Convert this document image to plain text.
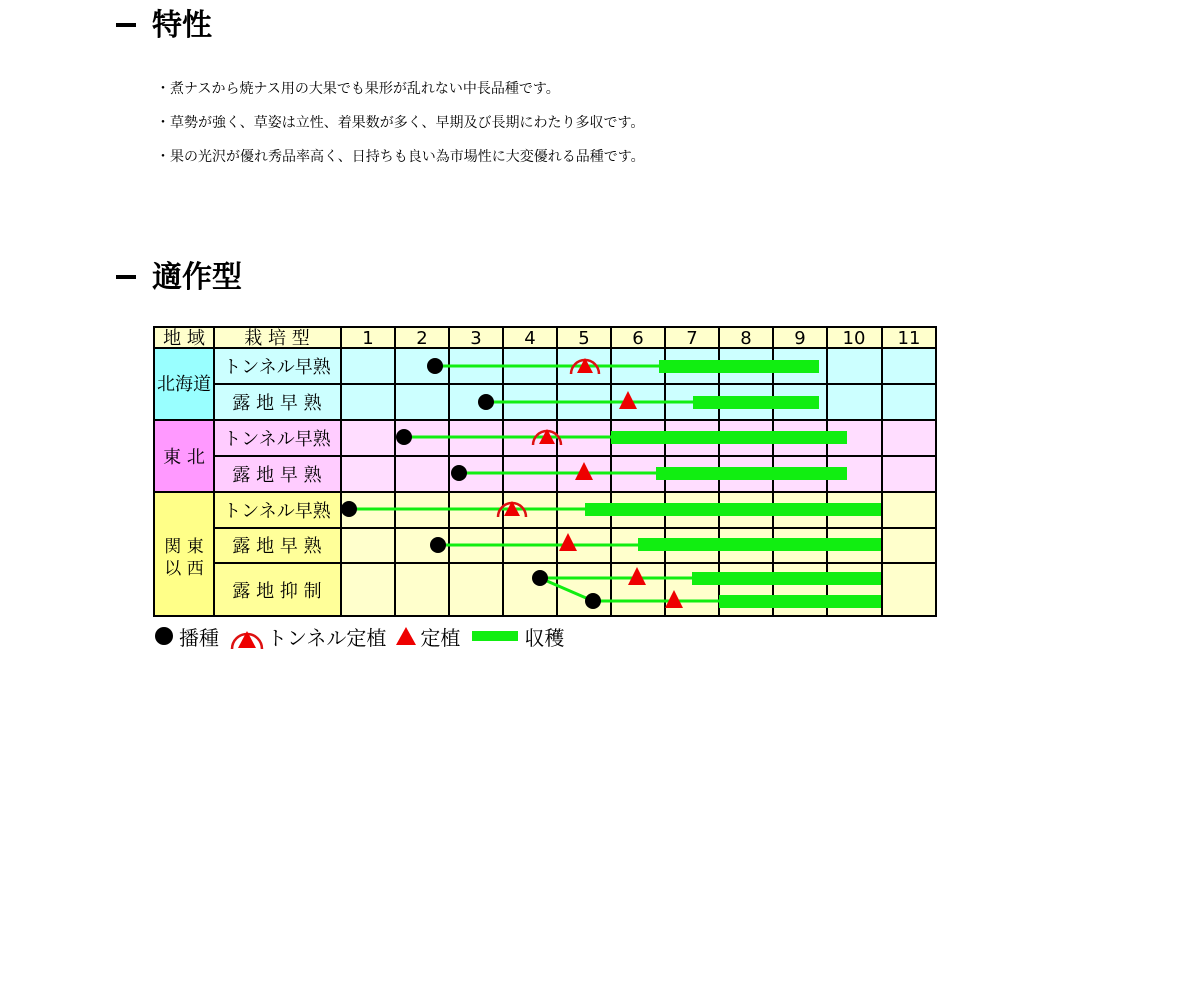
特性
・煮ナスから焼ナス用の大果でも果形が乱れない中長品種です。
・草勢が強く、草姿は立性、着果数が多く、早期及び長期にわたり多収です。
・果の光沢が優れ秀品率高く、日持ちも良い為市場性に大変優れる品種です。
適作型
地 域 栽 培 型	1 2 3 4 5 6 7 8 9 10 11
北海道
東 北
関 東
以 西
トンネル早熟
露 地 早 熟
トンネル早熟
露 地 早 熟
トンネル早熟
露 地 早 熟
露 地 抑 制
播種 トンネル定植 定植	収穫
